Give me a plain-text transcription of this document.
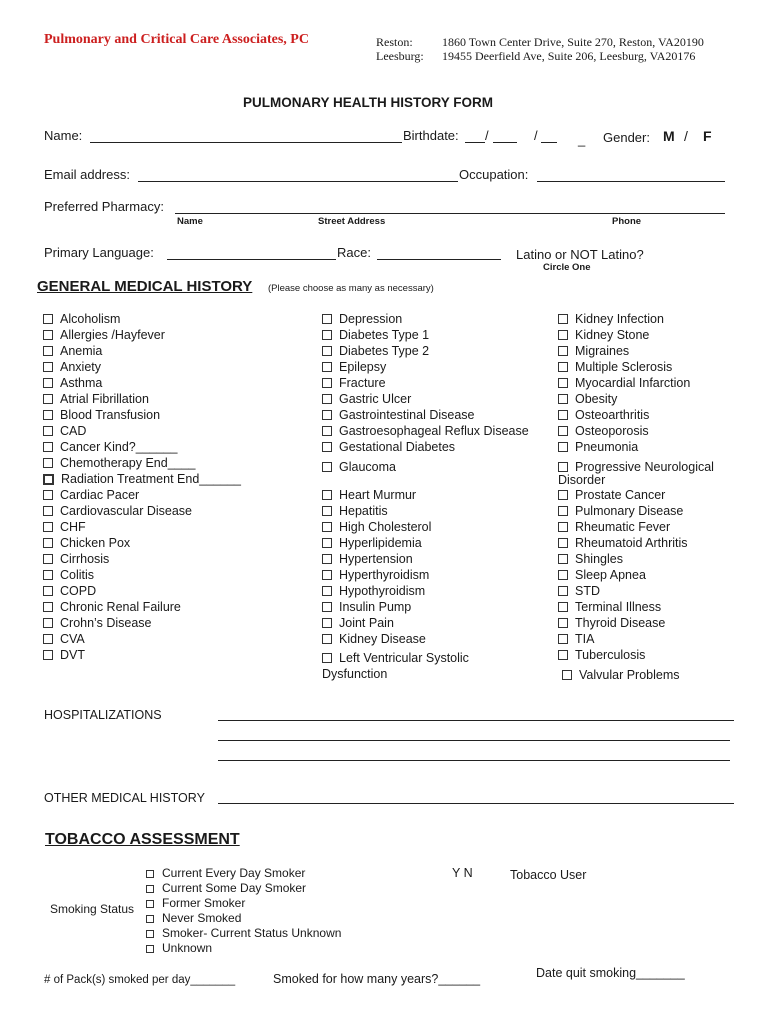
Pulmonary and Critical Care Associates, PC	Reston: 1860 Town Center Drive, Suite 270, Reston, VA20190
Leesburg: 19455 Deerfield Ave, Suite 206, Leesburg, VA20176
PULMONARY HEALTH HISTORY FORM
Name:	Birthdate: /	/	_ Gender: M / F
Email address:	Occupation:
Preferred Pharmacy:
Name	Street Address	Phone
Primary Language:	Race:	Latino or NOT Latino?
Circle One
GENERAL MEDICAL HISTORY (Please choose as many as necessary)
Alcoholism
Allergies /Hayfever
Anemia
Anxiety
Asthma
Atrial Fibrillation
Blood Transfusion
CAD
Cancer Kind?______
Chemotherapy End____
Radiation Treatment End______
Cardiac Pacer
Cardiovascular Disease
CHF
Chicken Pox
Cirrhosis
Colitis
COPD
Chronic Renal Failure
Crohn’s Disease
CVA
DVT
Depression
Diabetes Type 1
Diabetes Type 2
Epilepsy
Fracture
Gastric Ulcer
Gastrointestinal Disease
Gastroesophageal Reflux Disease
Gestational Diabetes
Glaucoma
Heart Murmur
Hepatitis
High Cholesterol
Hyperlipidemia
Hypertension
Hyperthyroidism
Hypothyroidism
Insulin Pump
Joint Pain
Kidney Disease
Left Ventricular Systolic
Dysfunction
Kidney Infection
Kidney Stone
Migraines
Multiple Sclerosis
Myocardial Infarction
Obesity
Osteoarthritis
Osteoporosis
Pneumonia
Progressive Neurological
Disorder
Prostate Cancer
Pulmonary Disease
Rheumatic Fever
Rheumatoid Arthritis
Shingles
Sleep Apnea
STD
Terminal Illness
Thyroid Disease
TIA
Tuberculosis
Valvular Problems
HOSPITALIZATIONS
OTHER MEDICAL HISTORY
TOBACCO ASSESSMENT
Smoking Status
Current Every Day Smoker
Current Some Day Smoker
Former Smoker
Never Smoked
Smoker- Current Status Unknown
Unknown
Y N	Tobacco User
# of Pack(s) smoked per day_______	Smoked for how many years?______	Date quit smoking_______
